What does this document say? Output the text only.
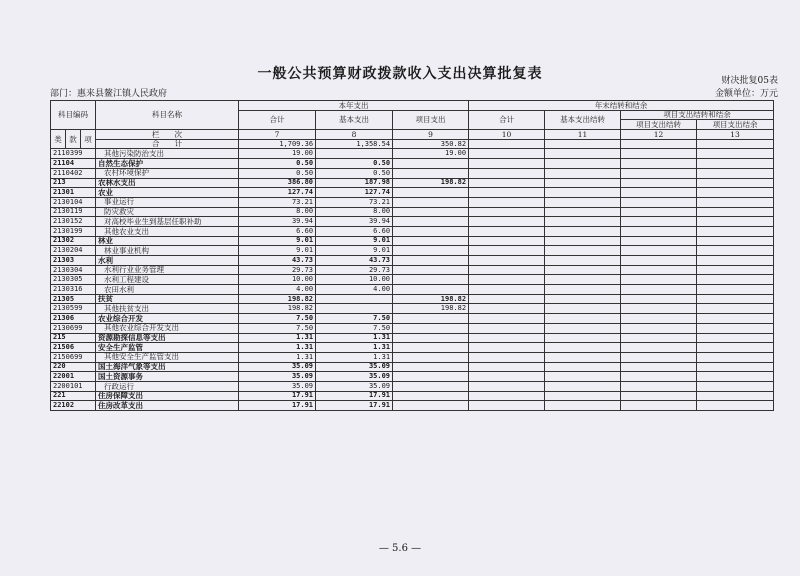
一般公共预算财政拨款收入支出决算批复表	财决批复05表
部门：惠来县鳌江镇人民政府	金额单位：万元
科目编码			科目名称	本年支出			年末结转和结余			
				合计	基本支出	项目支出	合计	基本支出结转	项目支出结转和结余	
									项目支出结转	项目支出结余
类	款	项	栏　　次	7	8	9	10	11	12	13
			合　　计	1,709.36	1,358.54	350.82				
2110399			其他污染防治支出	19.00		19.00				
21104			自然生态保护	0.50	0.50					
2110402			农村环境保护	0.50	0.50					
213			农林水支出	386.80	187.98	198.82				
21301			农业	127.74	127.74					
2130104			事业运行	73.21	73.21					
2130119			防灾救灾	8.00	8.00					
2130152			对高校毕业生到基层任职补助	39.94	39.94					
2130199			其他农业支出	6.60	6.60					
21302			林业	9.01	9.01					
2130204			林业事业机构	9.01	9.01					
21303			水利	43.73	43.73					
2130304			水利行业业务管理	29.73	29.73					
2130305			水利工程建设	10.00	10.00					
2130316			农田水利	4.00	4.00					
21305			扶贫	198.82		198.82				
2130599			其他扶贫支出	198.82		198.82				
21306			农业综合开发	7.50	7.50					
2130699			其他农业综合开发支出	7.50	7.50					
215			资源勘探信息等支出	1.31	1.31					
21506			安全生产监管	1.31	1.31					
2150699			其他安全生产监管支出	1.31	1.31					
220			国土海洋气象等支出	35.09	35.09					
22001			国土资源事务	35.09	35.09					
2200101			行政运行	35.09	35.09					
221			住房保障支出	17.91	17.91					
22102			住房改革支出	17.91	17.91					
— 5.6 —
